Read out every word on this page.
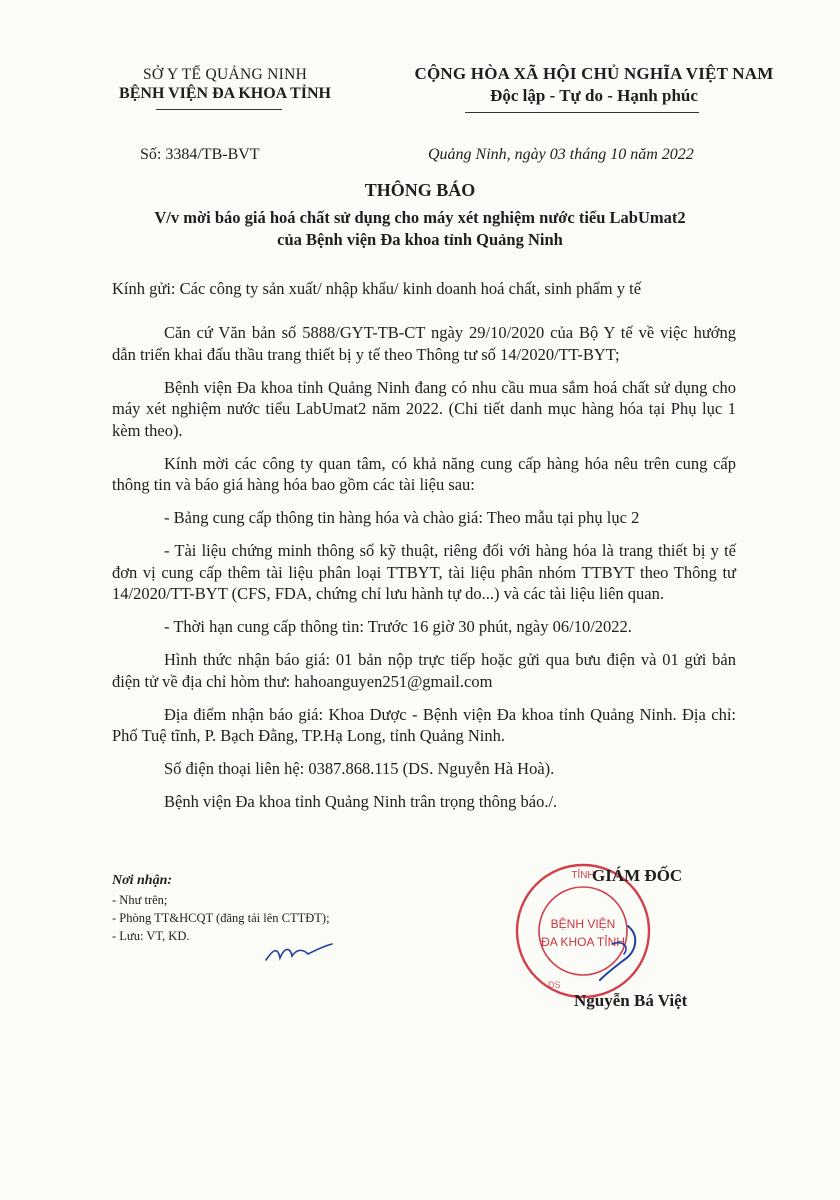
SỞ Y TẾ QUẢNG NINH
BỆNH VIỆN ĐA KHOA TỈNH
CỘNG HÒA XÃ HỘI CHỦ NGHĨA VIỆT NAM
Độc lập - Tự do - Hạnh phúc
Số: 3384/TB-BVT	Quảng Ninh, ngày 03 tháng 10 năm 2022
THÔNG BÁO
V/v mời báo giá hoá chất sử dụng cho máy xét nghiệm nước tiểu LabUmat2
của Bệnh viện Đa khoa tỉnh Quảng Ninh
Kính gửi: Các công ty sản xuất/ nhập khẩu/ kinh doanh hoá chất, sinh phẩm y tế

Căn cứ Văn bản số 5888/GYT-TB-CT ngày 29/10/2020 của Bộ Y tế về việc hướng dẫn triển khai đấu thầu trang thiết bị y tế theo Thông tư số 14/2020/TT-BYT;

Bệnh viện Đa khoa tỉnh Quảng Ninh đang có nhu cầu mua sắm hoá chất sử dụng cho máy xét nghiệm nước tiểu LabUmat2 năm 2022. (Chi tiết danh mục hàng hóa tại Phụ lục 1 kèm theo).

Kính mời các công ty quan tâm, có khả năng cung cấp hàng hóa nêu trên cung cấp thông tin và báo giá hàng hóa bao gồm các tài liệu sau:

- Bảng cung cấp thông tin hàng hóa và chào giá: Theo mẫu tại phụ lục 2

- Tài liệu chứng minh thông số kỹ thuật, riêng đối với hàng hóa là trang thiết bị y tế đơn vị cung cấp thêm tài liệu phân loại TTBYT, tài liệu phân nhóm TTBYT theo Thông tư 14/2020/TT-BYT (CFS, FDA, chứng chỉ lưu hành tự do...) và các tài liệu liên quan.

- Thời hạn cung cấp thông tin: Trước 16 giờ 30 phút, ngày 06/10/2022.

Hình thức nhận báo giá: 01 bản nộp trực tiếp hoặc gửi qua bưu điện và 01 gửi bản điện tử về địa chỉ hòm thư: hahoanguyen251@gmail.com

Địa điểm nhận báo giá: Khoa Dược - Bệnh viện Đa khoa tỉnh Quảng Ninh. Địa chỉ: Phố Tuệ tĩnh, P. Bạch Đằng, TP.Hạ Long, tỉnh Quảng Ninh.

Số điện thoại liên hệ: 0387.868.115 (DS. Nguyễn Hà Hoà).

Bệnh viện Đa khoa tỉnh Quảng Ninh trân trọng thông báo./.

Nơi nhận:
- Như trên;
- Phòng TT&HCQT (đăng tải lên CTTĐT);
- Lưu: VT, KD.
TỈNH
BỆNH VIỆN
ĐA KHOA TỈNH
DS
GIÁM ĐỐC
Nguyễn Bá Việt
